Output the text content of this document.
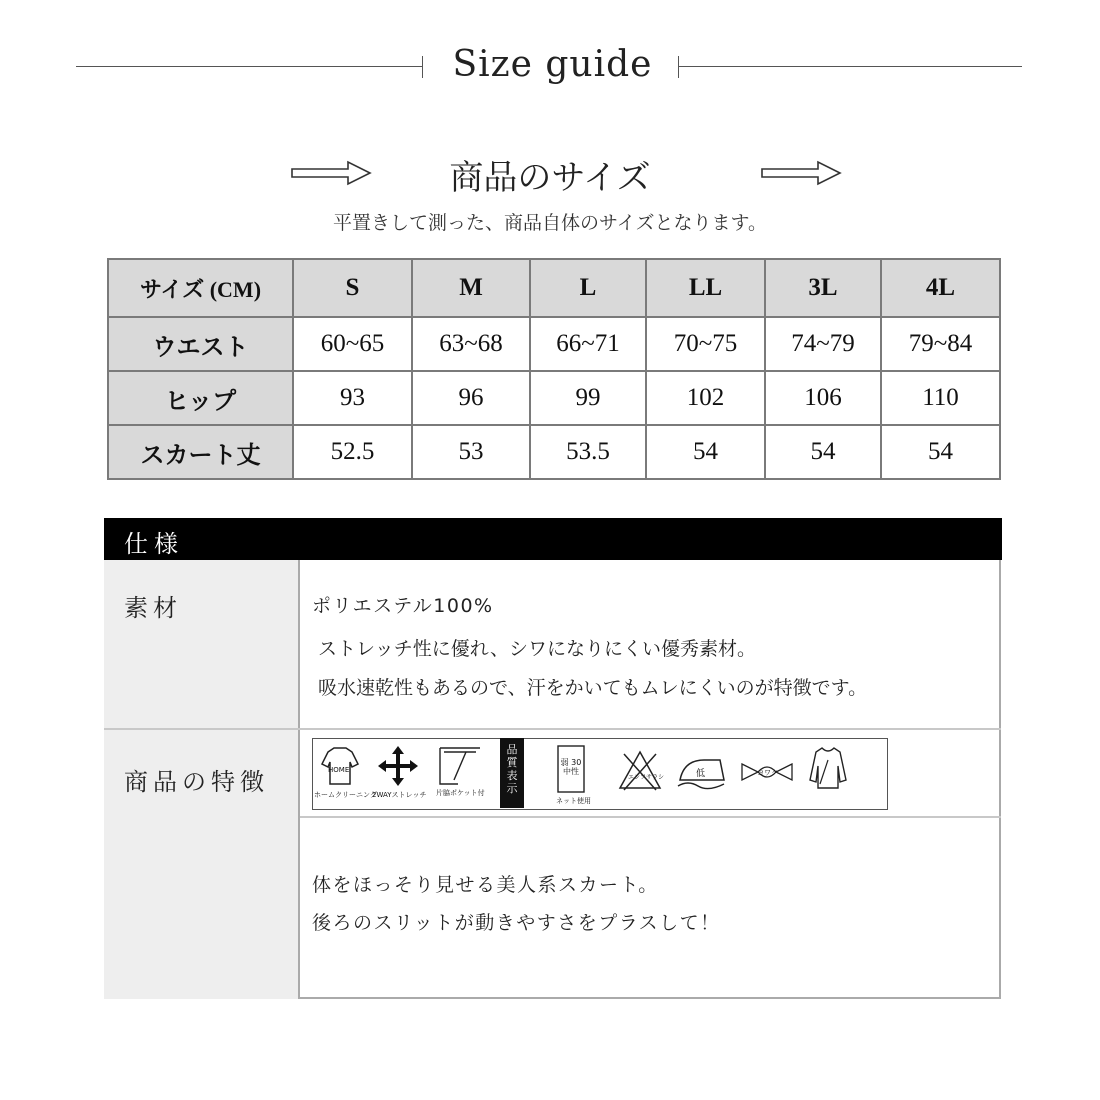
Size guide
商品のサイズ
平置きして測った、商品自体のサイズとなります。
サイズ (CM)	S	M	L	LL	3L	4L
ウエスト	60~65	63~68	66~71	70~75	74~79	79~84
ヒップ	93	96	99	102	106	110
スカート丈	52.5	53	53.5	54	54	54
仕様
素材	ポリエステル100%
ストレッチ性に優れ、シワになりにくい優秀素材。
吸水速乾性もあるので、汗をかいてもムレにくいのが特徴です。
商品の特徴	HOME
ホームクリーニング
2WAYストレッチ 片脇ポケット付
品
質
表
示
弱 30 中性
ネット使用
エンソサラシ	低	ヨワク
体をほっそり見せる美人系スカート。
後ろのスリットが動きやすさをプラスして！
